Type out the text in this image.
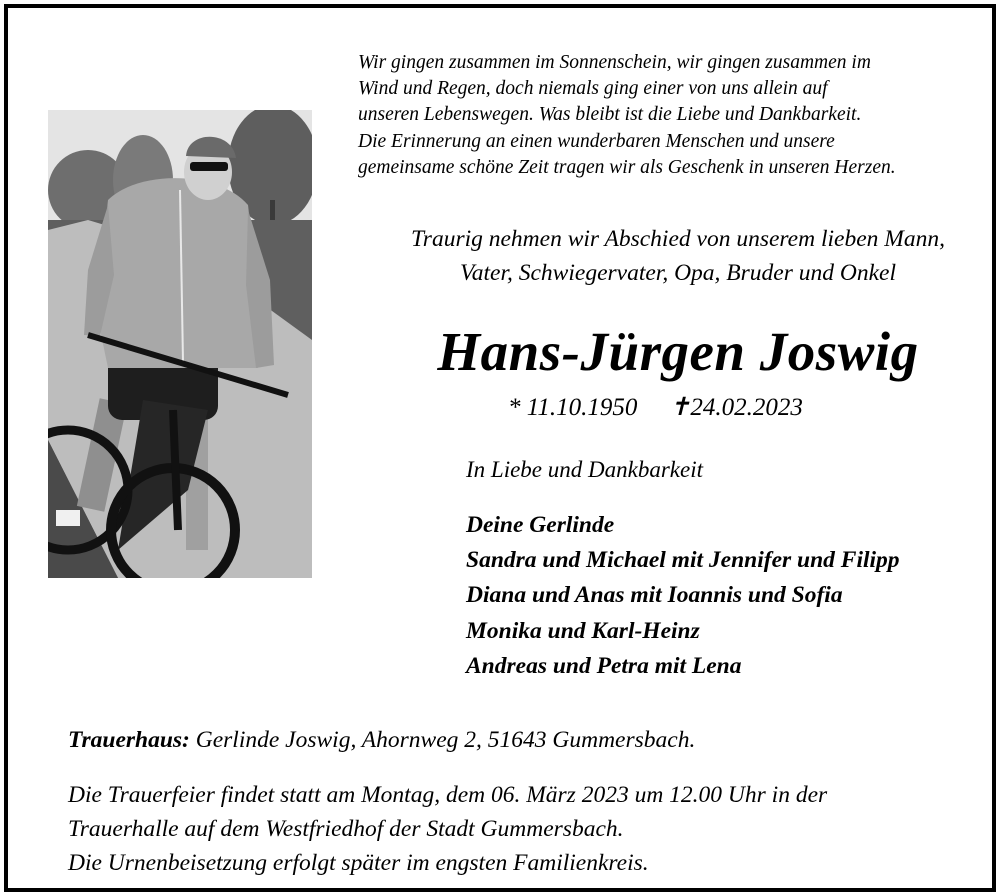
Wir gingen zusammen im Sonnenschein, wir gingen zusammen im
Wind und Regen, doch niemals ging einer von uns allein auf
unseren Lebenswegen. Was bleibt ist die Liebe und Dankbarkeit.
Die Erinnerung an einen wunderbaren Menschen und unsere
gemeinsame schöne Zeit tragen wir als Geschenk in unseren Herzen.
Traurig nehmen wir Abschied von unserem lieben Mann,
Vater, Schwiegervater, Opa, Bruder und Onkel
Hans-Jürgen Joswig
* 11.10.1950 ✝24.02.2023
In Liebe und Dankbarkeit
Deine Gerlinde
Sandra und Michael mit Jennifer und Filipp
Diana und Anas mit Ioannis und Sofia
Monika und Karl-Heinz
Andreas und Petra mit Lena
Trauerhaus: Gerlinde Joswig, Ahornweg 2, 51643 Gummersbach.
Die Trauerfeier findet statt am Montag, dem 06. März 2023 um 12.00 Uhr in der
Trauerhalle auf dem Westfriedhof der Stadt Gummersbach.
Die Urnenbeisetzung erfolgt später im engsten Familienkreis.
